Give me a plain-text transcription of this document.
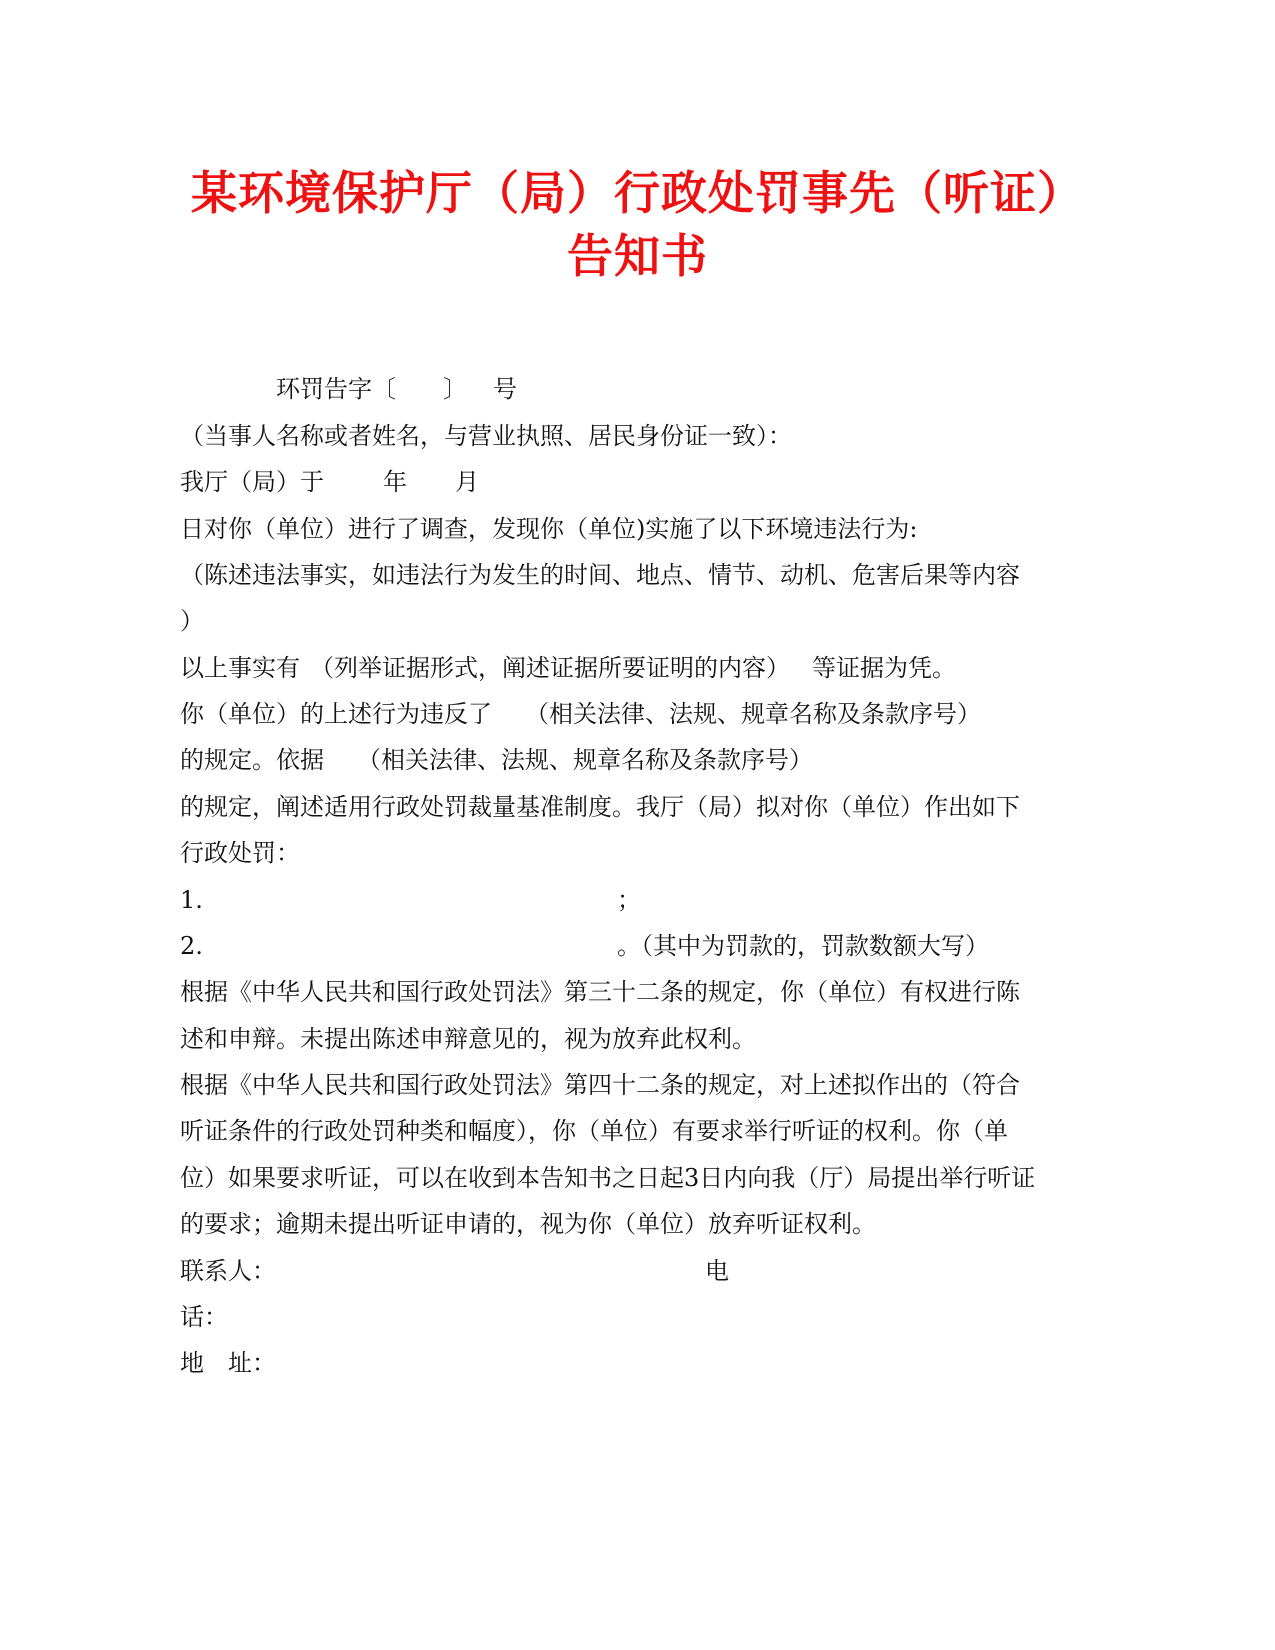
某环境保护厅（局）行政处罚事先（听证）
告知书
环罚告字〔 〕 号
（当事人名称或者姓名，与营业执照、居民身份证一致）：
我厅（局）于 年 月
日对你（单位）进行了调查，发现你（单位)实施了以下环境违法行为:
（陈述违法事实，如违法行为发生的时间、地点、情节、动机、危害后果等内容
）
以上事实有 （列举证据形式，阐述证据所要证明的内容） 等证据为凭。
你（单位）的上述行为违反了 （相关法律、法规、规章名称及条款序号）
的规定。依据 （相关法律、法规、规章名称及条款序号）
的规定，阐述适用行政处罚裁量基准制度。我厅（局）拟对你（单位）作出如下
行政处罚：
1.	；
2.	。（其中为罚款的，罚款数额大写）
根据《中华人民共和国行政处罚法》第三十二条的规定，你（单位）有权进行陈
述和申辩。未提出陈述申辩意见的，视为放弃此权利。
根据《中华人民共和国行政处罚法》第四十二条的规定，对上述拟作出的（符合
听证条件的行政处罚种类和幅度），你（单位）有要求举行听证的权利。你（单
位）如果要求听证，可以在收到本告知书之日起3日内向我（厅）局提出举行听证
的要求；逾期未提出听证申请的，视为你（单位）放弃听证权利。
联系人：	电
话：
地　址：
